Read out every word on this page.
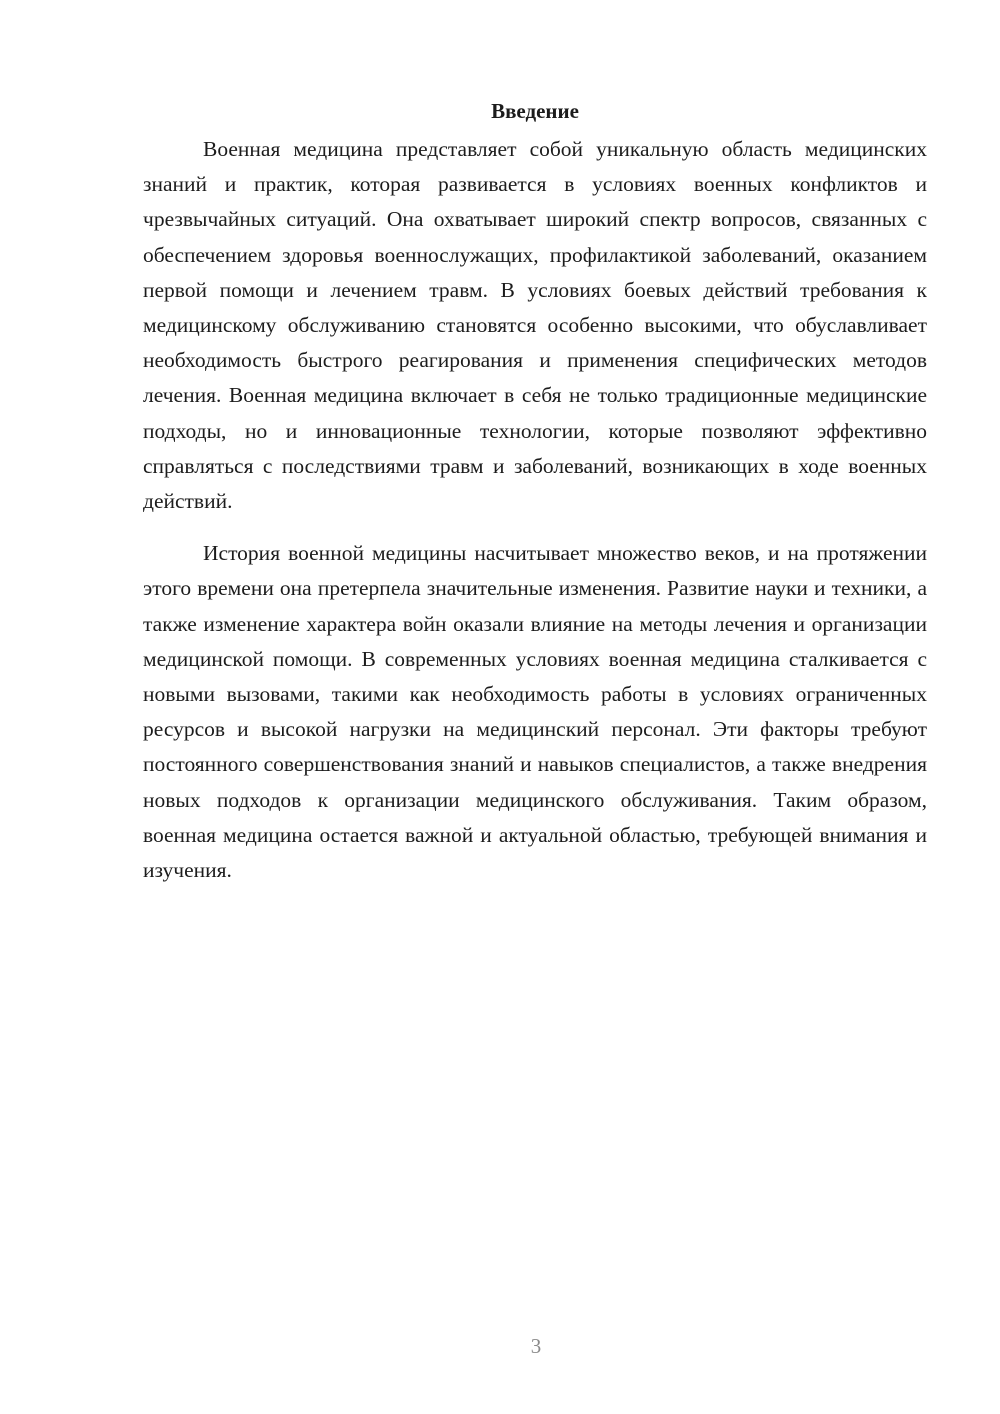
Введение

Военная медицина представляет собой уникальную область медицинских знаний и практик, которая развивается в условиях военных конфликтов и чрезвычайных ситуаций. Она охватывает широкий спектр вопросов, связанных с обеспечением здоровья военнослужащих, профилактикой заболеваний, оказанием первой помощи и лечением травм. В условиях боевых действий требования к медицинскому обслуживанию становятся особенно высокими, что обуславливает необходимость быстрого реагирования и применения специфических методов лечения. Военная медицина включает в себя не только традиционные медицинские подходы, но и инновационные технологии, которые позволяют эффективно справляться с последствиями травм и заболеваний, возникающих в ходе военных действий.

История военной медицины насчитывает множество веков, и на протяжении этого времени она претерпела значительные изменения. Развитие науки и техники, а также изменение характера войн оказали влияние на методы лечения и организации медицинской помощи. В современных условиях военная медицина сталкивается с новыми вызовами, такими как необходимость работы в условиях ограниченных ресурсов и высокой нагрузки на медицинский персонал. Эти факторы требуют постоянного совершенствования знаний и навыков специалистов, а также внедрения новых подходов к организации медицинского обслуживания. Таким образом, военная медицина остается важной и актуальной областью, требующей внимания и изучения.

3
